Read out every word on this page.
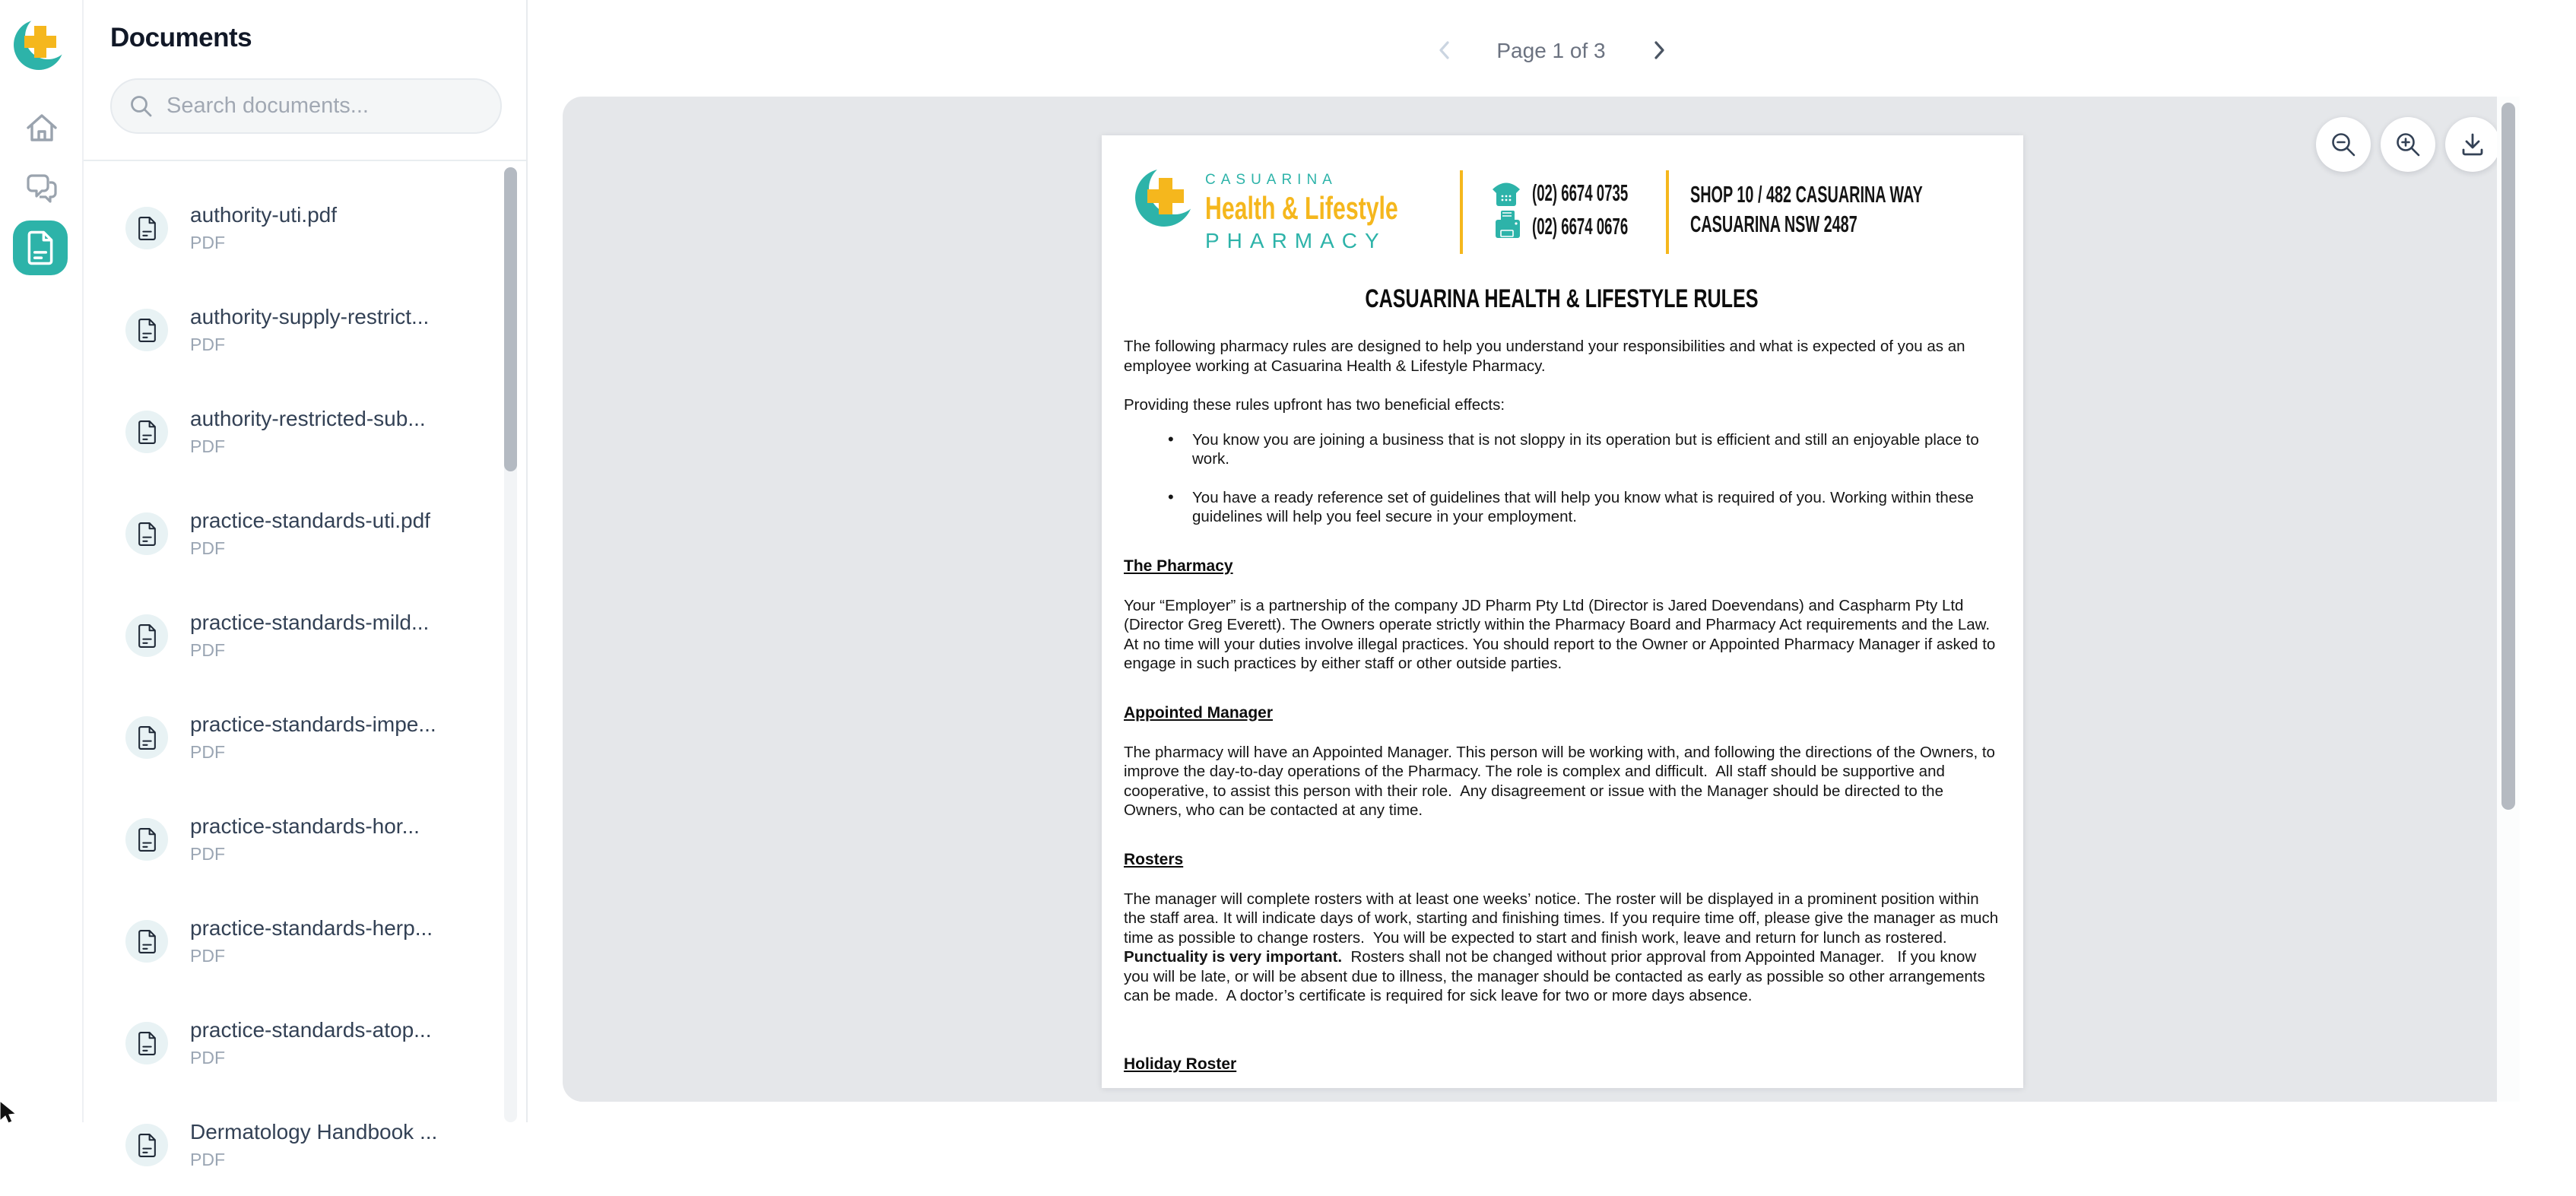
Documents
Search documents...
authority-uti.pdf
PDF
authority-supply-restrict...
PDF
authority-restricted-sub...
PDF
practice-standards-uti.pdf
PDF
practice-standards-mild...
PDF
practice-standards-impe...
PDF
practice-standards-hor...
PDF
practice-standards-herp...
PDF
practice-standards-atop...
PDF
Dermatology Handbook ...
PDF
Page 1 of 3
CASUARINA
Health & Lifestyle
PHARMACY
(02) 6674 0735
(02) 6674 0676
SHOP 10 / 482 CASUARINA WAY
CASUARINA NSW 2487
CASUARINA HEALTH & LIFESTYLE RULES

The following pharmacy rules are designed to help you understand your responsibilities and what is expected of you as an employee working at Casuarina Health & Lifestyle Pharmacy.

Providing these rules upfront has two beneficial effects:

• You know you are joining a business that is not sloppy in its operation but is efficient and still an enjoyable place to work.
• You have a ready reference set of guidelines that will help you know what is required of you. Working within these guidelines will help you feel secure in your employment.
The Pharmacy

Your “Employer” is a partnership of the company JD Pharm Pty Ltd (Director is Jared Doevendans) and Caspharm Pty Ltd (Director Greg Everett). The Owners operate strictly within the Pharmacy Board and Pharmacy Act requirements and the Law.  At no time will your duties involve illegal practices. You should report to the Owner or Appointed Pharmacy Manager if asked to engage in such practices by either staff or other outside parties.

Appointed Manager

The pharmacy will have an Appointed Manager. This person will be working with, and following the directions of the Owners, to improve the day-to-day operations of the Pharmacy. The role is complex and difficult.  All staff should be supportive and cooperative, to assist this person with their role.  Any disagreement or issue with the Manager should be directed to the Owners, who can be contacted at any time.

Rosters

The manager will complete rosters with at least one weeks’ notice. The roster will be displayed in a prominent position within the staff area. It will indicate days of work, starting and finishing times. If you require time off, please give the manager as much time as possible to change rosters.  You will be expected to start and finish work, leave and return for lunch as rostered.  Punctuality is very important.  Rosters shall not be changed without prior approval from Appointed Manager.   If you know you will be late, or will be absent due to illness, the manager should be contacted as early as possible so other arrangements can be made.  A doctor’s certificate is required for sick leave for two or more days absence.

Holiday Roster
